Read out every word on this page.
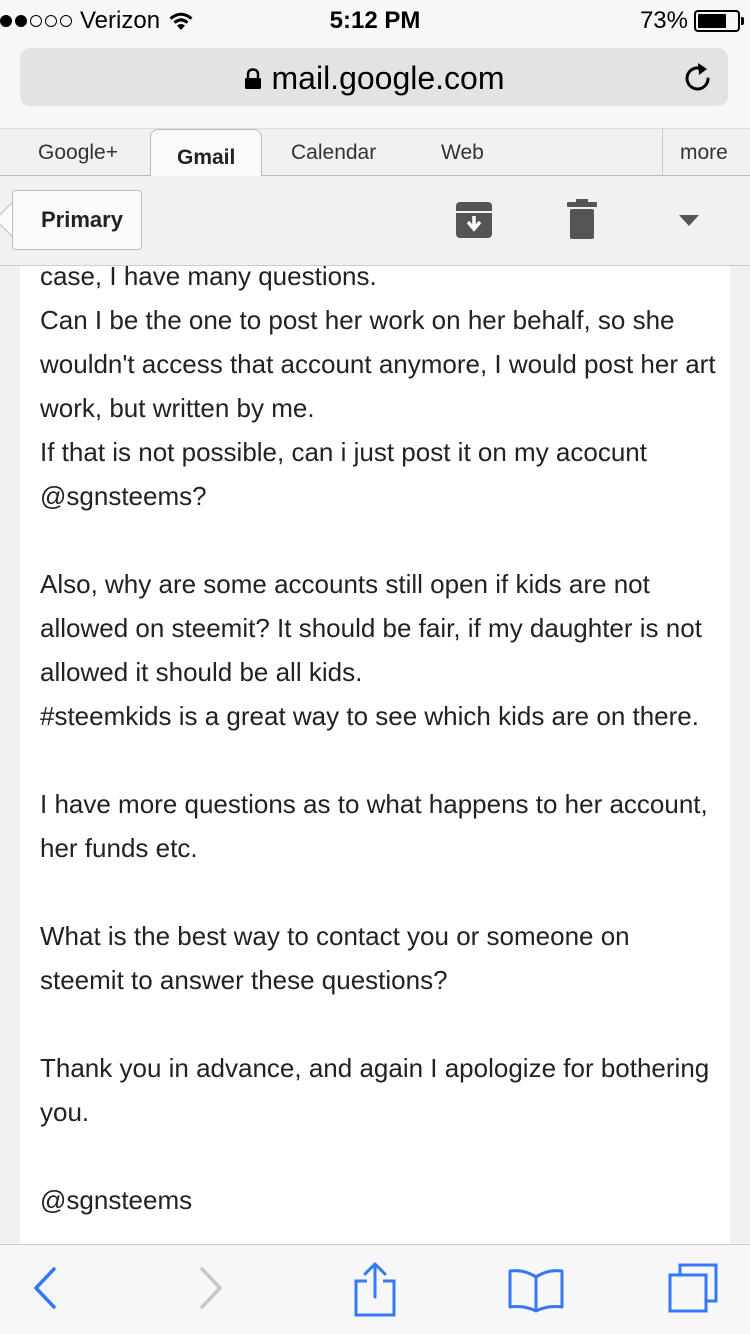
Verizon	5:12 PM	73%
mail.google.com
Google+	Gmail	Calendar	Web	more
Primary

case, I have many questions.

Can I be the one to post her work on her behalf, so she wouldn't access that account anymore, I would post her art work, but written by me.

If that is not possible, can i just post it on my acocunt @sgnsteems?

Also, why are some accounts still open if kids are not allowed on steemit? It should be fair, if my daughter is not allowed it should be all kids.

#steemkids is a great way to see which kids are on there.

I have more questions as to what happens to her account, her funds etc.

What is the best way to contact you or someone on steemit to answer these questions?

Thank you in advance, and again I apologize for bothering you.

@sgnsteems
